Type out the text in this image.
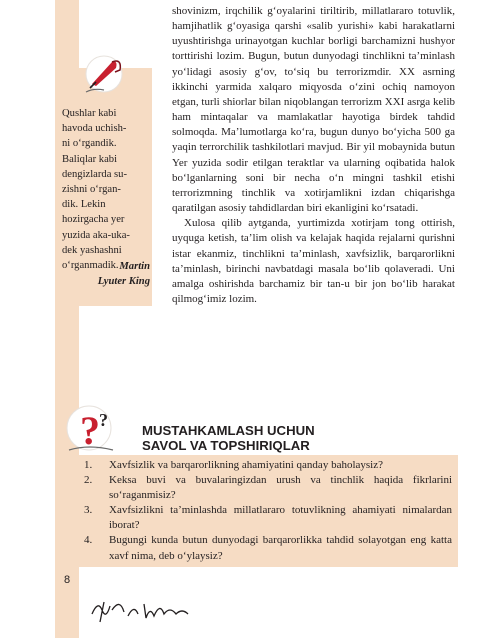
Qushlar kabi
havoda uchish-
ni o‘rgandik.
Baliqlar kabi
dengizlarda su-
zishni o‘rgan-
dik. Lekin
hozirgacha yer
yuzida aka-uka-
dek yashashni
o‘rganmadik. Martin
Lyuter King

shovinizm, irqchilik g‘oyalarini tiriltirib, millatlararo totuvlik, hamjihatlik g‘oyasiga qarshi «salib yurishi» kabi harakatlarni uyushtirishga urinayotgan kuchlar borligi barchamizni hushyor torttirishi lozim. Bugun, butun dunyodagi tinchlikni ta’minlash yo‘lidagi asosiy g‘ov, to‘siq bu terrorizmdir. XX asrning ikkinchi yarmida xalqaro miqyosda o‘zini ochiq namoyon etgan, turli shiorlar bilan niqoblangan terrorizm XXI asrga kelib ham mintaqalar va mamlakatlar hayotiga birdek tahdid solmoqda. Ma’lumotlarga ko‘ra, bugun dunyo bo‘yicha 500 ga yaqin terrorchilik tashkilotlari mavjud. Bir yil mobaynida butun Yer yuzida sodir etilgan teraktlar va ularning oqibatida halok bo‘lganlarning soni bir necha o‘n mingni tashkil etishi terrorizmning tinchlik va xotirjamlikni izdan chiqarishga qaratilgan asosiy tahdidlardan biri ekanligini ko‘rsatadi.

Xulosa qilib aytganda, yurtimizda xotirjam tong ottirish, uyquga ketish, ta’lim olish va kelajak haqida rejalarni qurishni istar ekanmiz, tinchlikni ta’minlash, xavfsizlik, barqarorlikni ta’minlash, birinchi navbatdagi masala bo‘lib qolaveradi. Uni amalga oshirishda barchamiz bir tan-u bir jon bo‘lib harakat qilmog‘imiz lozim.

? ?
MUSTAHKAMLASH UCHUN
SAVOL VA TOPSHIRIQLAR
1. Xavfsizlik va barqarorlikning ahamiyatini qanday baholaysiz?
2. Keksa buvi va buvalaringizdan urush va tinchlik haqida fikrlarini so‘raganmisiz?
3. Xavfsizlikni ta’minlashda millatlararo totuvlikning ahamiyati nimalardan iborat?
4. Bugungi kunda butun dunyodagi barqarorlikka tahdid solayotgan eng katta xavf nima, deb o‘ylaysiz?
8
